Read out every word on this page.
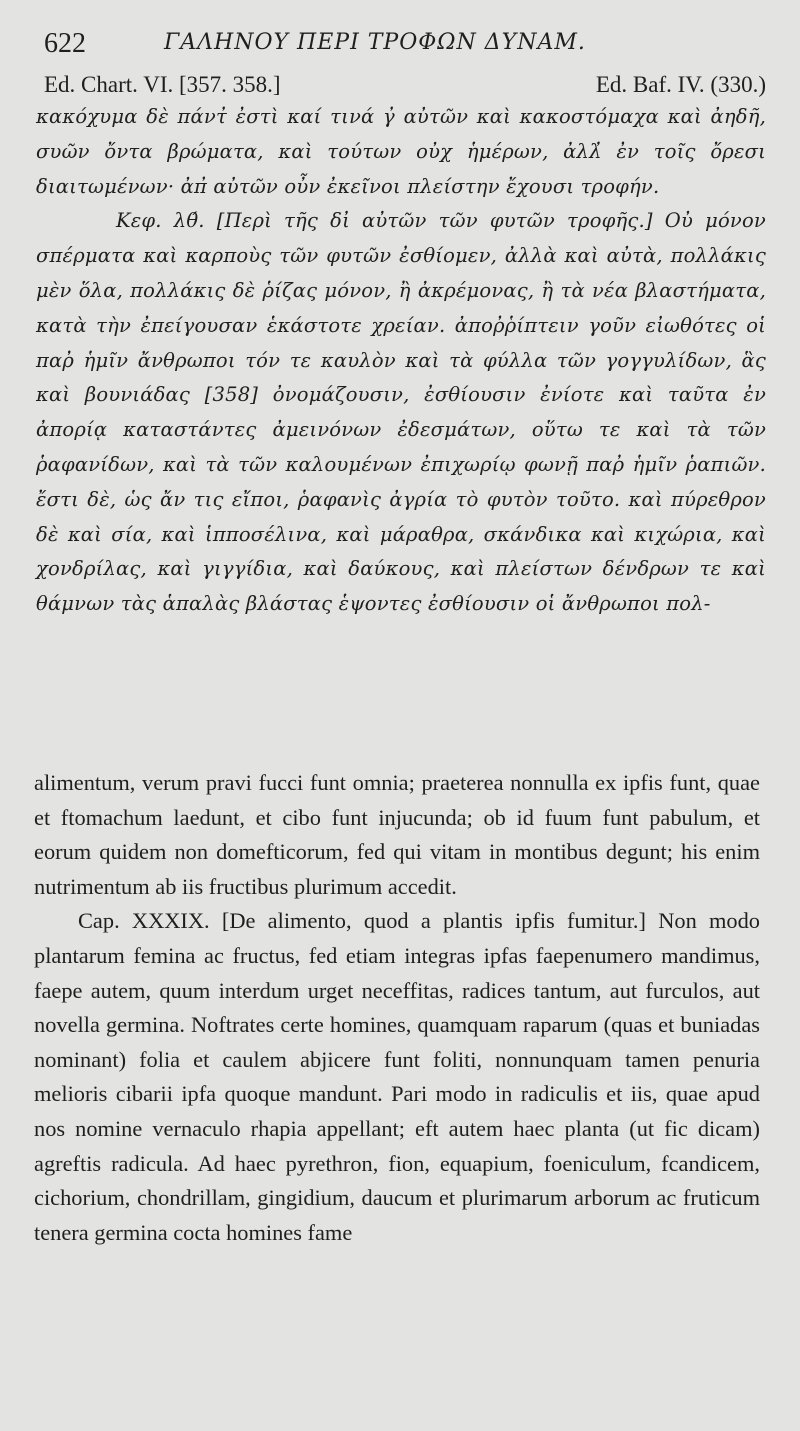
622	ΓΑΛΗΝΟΥ ΠΕΡΙ ΤΡΟΦΩΝ ΔΥΝΑΜ.
Ed. Chart. VI. [357. 358.]	Ed. Baf. IV. (330.)

κακόχυμα δὲ πάντ̓ ἐστὶ καί τινά γ̓ αὐτῶν καὶ κακοστόμαχα καὶ ἀηδῆ, συῶν ὄντα βρώματα, καὶ τούτων οὐχ ἡμέρων, ἀλλ̓ ἐν τοῖς ὄρεσι διαιτωμένων· ἀπ̓ αὐτῶν οὖν ἐκεῖνοι πλείστην ἔχουσι τροφήν.

Κεφ. λθ́. [Περὶ τῆς δἰ αὐτῶν τῶν φυτῶν τροφῆς.] Οὐ μόνον σπέρματα καὶ καρποὺς τῶν φυτῶν ἐσθίομεν, ἀλλὰ καὶ αὐτὰ, πολλάκις μὲν ὅλα, πολλάκις δὲ ῥίζας μόνον, ἢ ἀκρέμονας, ἢ τὰ νέα βλαστήματα, κατὰ τὴν ἐπείγουσαν ἑκάστοτε χρείαν. ἀποῤῥίπτειν γοῦν εἰωθότες οἱ παῤ ἡμῖν ἄνθρωποι τόν τε καυλὸν καὶ τὰ φύλλα τῶν γογγυλίδων, ἃς καὶ βουνιάδας [358] ὀνομάζουσιν, ἐσθίουσιν ἐνίοτε καὶ ταῦτα ἐν ἀπορίᾳ καταστάντες ἀμεινόνων ἐδεσμάτων, οὕτω τε καὶ τὰ τῶν ῥαφανίδων, καὶ τὰ τῶν καλουμένων ἐπιχωρίῳ φωνῇ παῤ ἡμῖν ῥαπιῶν. ἔστι δὲ, ὡς ἄν τις εἴποι, ῥαφανὶς ἀγρία τὸ φυτὸν τοῦτο. καὶ πύρεθρον δὲ καὶ σία, καὶ ἱπποσέλινα, καὶ μάραθρα, σκάνδικα καὶ κιχώρια, καὶ χονδρίλας, καὶ γιγγίδια, καὶ δαύκους, καὶ πλείστων δένδρων τε καὶ θάμνων τὰς ἁπαλὰς βλάστας ἑψοντες ἐσθίουσιν οἱ ἄνθρωποι πολ-

alimentum, verum pravi fucci funt omnia; praeterea nonnulla ex ipfis funt, quae et ftomachum laedunt, et cibo funt injucunda; ob id fuum funt pabulum, et eorum quidem non domefticorum, fed qui vitam in montibus degunt; his enim nutrimentum ab iis fructibus plurimum accedit.

Cap. XXXIX. [De alimento, quod a plantis ipfis fumitur.] Non modo plantarum femina ac fructus, fed etiam integras ipfas faepenumero mandimus, faepe autem, quum interdum urget neceffitas, radices tantum, aut furculos, aut novella germina. Noftrates certe homines, quamquam raparum (quas et buniadas nominant) folia et caulem abjicere funt foliti, nonnunquam tamen penuria melioris cibarii ipfa quoque mandunt. Pari modo in radiculis et iis, quae apud nos nomine vernaculo rhapia appellant; eft autem haec planta (ut fic dicam) agreftis radicula. Ad haec pyrethron, fion, equapium, foeniculum, fcandicem, cichorium, chondrillam, gingidium, daucum et plurimarum arborum ac fruticum tenera germina cocta homines fame
